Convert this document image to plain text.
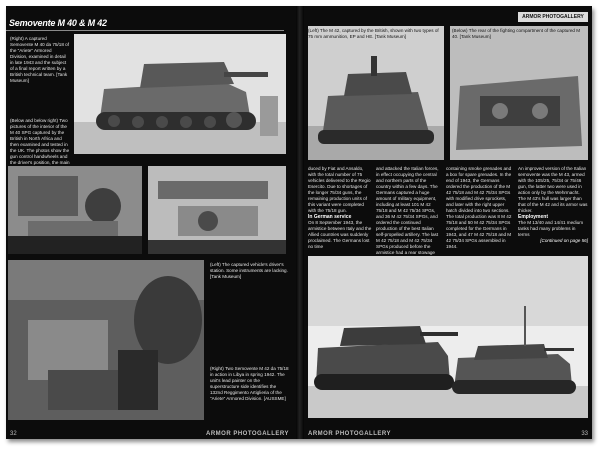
Semovente M 40 & M 42
(Right) A captured Semovente M 40 da 75/18 of the "Ariete" Armored Division, examined in detail in late 1943 and the subject of a final report written by a British technical team. [Tank Museum]
(Below and below right) Two pictures of the interior of the M 40 SPG captured by the British in North Africa and then examined and tested in the UK. The photos show the gun control handwheels and the driver's position, the main
(Left) The captured vehicle's driver's station. Some instruments are lacking. [Tank Museum]
(Right) Two Semovente M 42 da 75/18 in action in Libya in spring 1942. The unit's lead painter on the superstructure side identifies the 132nd Reggimento Artiglieria of the "Ariete" Armored Division. [AUSSME]
ARMOR PHOTOGALLERY
32
ARMOR PHOTOGALLERY
(Left) The M 42, captured by the British, shown with two types of 75 mm ammunition, EP and HE. [Tank Museum]
(Below) The rear of the fighting compartment of the captured M 40. [Tank Museum]
duced by Fiat and Ansaldo, with the total number of 75 vehicles delivered to the Regio Esercito. Due to shortages of the longer 75/34 guns, the remaining production units of this variant were completed with the 75/18 gun.
In German service
On 8 September 1943, the armistice between Italy and the Allied countries was suddenly proclaimed. The Germans lost no time
and attacked the Italian forces, in effect occupying the central and northern parts of the country within a few days. The Germans captured a huge amount of military equipment, including at least 101 M 42 75/18 and M 42 75/34 SPGs, and 36 M 42 75/34 SPGs, and ordered the continued production of the best Italian self-propelled artillery. The last M 42 75/18 and M 42 75/34 SPGs produced before the armistice had a rear stowage
containing smoke grenades and a box for spare grenades. In the end of 1943, the Germans ordered the production of the M 42 75/18 and M 42 75/34 SPGs with modified drive sprockets, and later with the right upper hatch divided into two sections. The total production was 8 M 42 75/18 and 50 M 42 75/34 SPGs completed for the Germans in 1943, and 47 M 42 75/18 and M 42 75/34 SPGs assembled in 1944.
An improved version of the Italian semovente was the M 43, armed with the 105/25, 75/34 or 75/46 gun, the latter two were used in action only by the Wehrmacht. The M 43's hull was larger than that of the M 42 and its armor was thicker.
Employment
The M 13/40 and 14/41 medium tanks had many problems in terms
[Continued on page 56]
ARMOR PHOTOGALLERY	33
